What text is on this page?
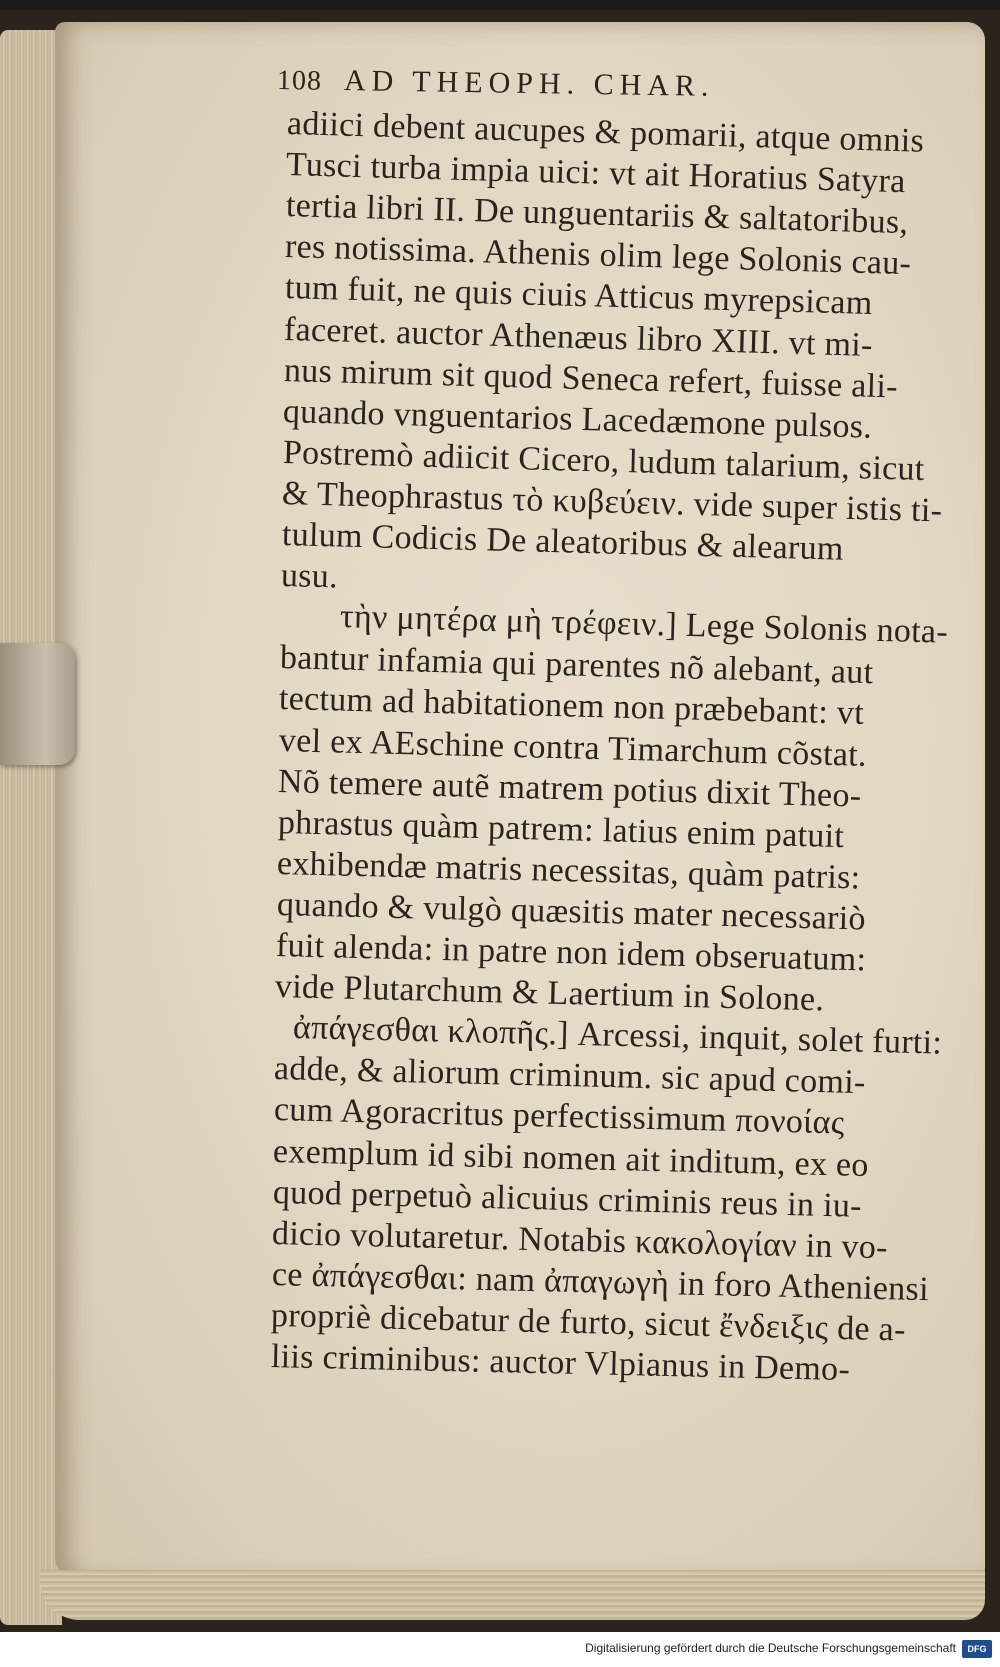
108 AD THEOPH. CHAR.
adiici debent aucupes & pomarii, atque omnis
Tusci turba impia uici: vt ait Horatius Satyra
tertia libri II. De unguentariis & saltatoribus,
res notissima. Athenis olim lege Solonis cau-
tum fuit, ne quis ciuis Atticus myrepsicam
faceret. auctor Athenæus libro XIII. vt mi-
nus mirum sit quod Seneca refert, fuisse ali-
quando vnguentarios Lacedæmone pulsos.
Postremò adiicit Cicero, ludum talarium, sicut
& Theophrastus τὸ κυβεύειν. vide super istis ti-
tulum Codicis De aleatoribus & alearum
usu.
τὴν μητέρα μὴ τρέφειν.] Lege Solonis nota-
bantur infamia qui parentes nõ alebant, aut
tectum ad habitationem non præbebant: vt
vel ex AEschine contra Timarchum cõstat.
Nõ temere autẽ matrem potius dixit Theo-
phrastus quàm patrem: latius enim patuit
exhibendæ matris necessitas, quàm patris:
quando & vulgò quæsitis mater necessariò
fuit alenda: in patre non idem obseruatum:
vide Plutarchum & Laertium in Solone.
ἀπάγεσθαι κλοπῆς.] Arcessi, inquit, solet furti:
adde, & aliorum criminum. sic apud comi-
cum Agoracritus perfectissimum πονοίας
exemplum id sibi nomen ait inditum, ex eo
quod perpetuò alicuius criminis reus in iu-
dicio volutaretur. Notabis κακολογίαν in vo-
ce ἀπάγεσθαι: nam ἀπαγωγὴ in foro Atheniensi
propriè dicebatur de furto, sicut ἔνδειξις de a-
liis criminibus: auctor Vlpianus in Demo-
Digitalisierung gefördert durch die Deutsche Forschungsgemeinschaft	DFG
